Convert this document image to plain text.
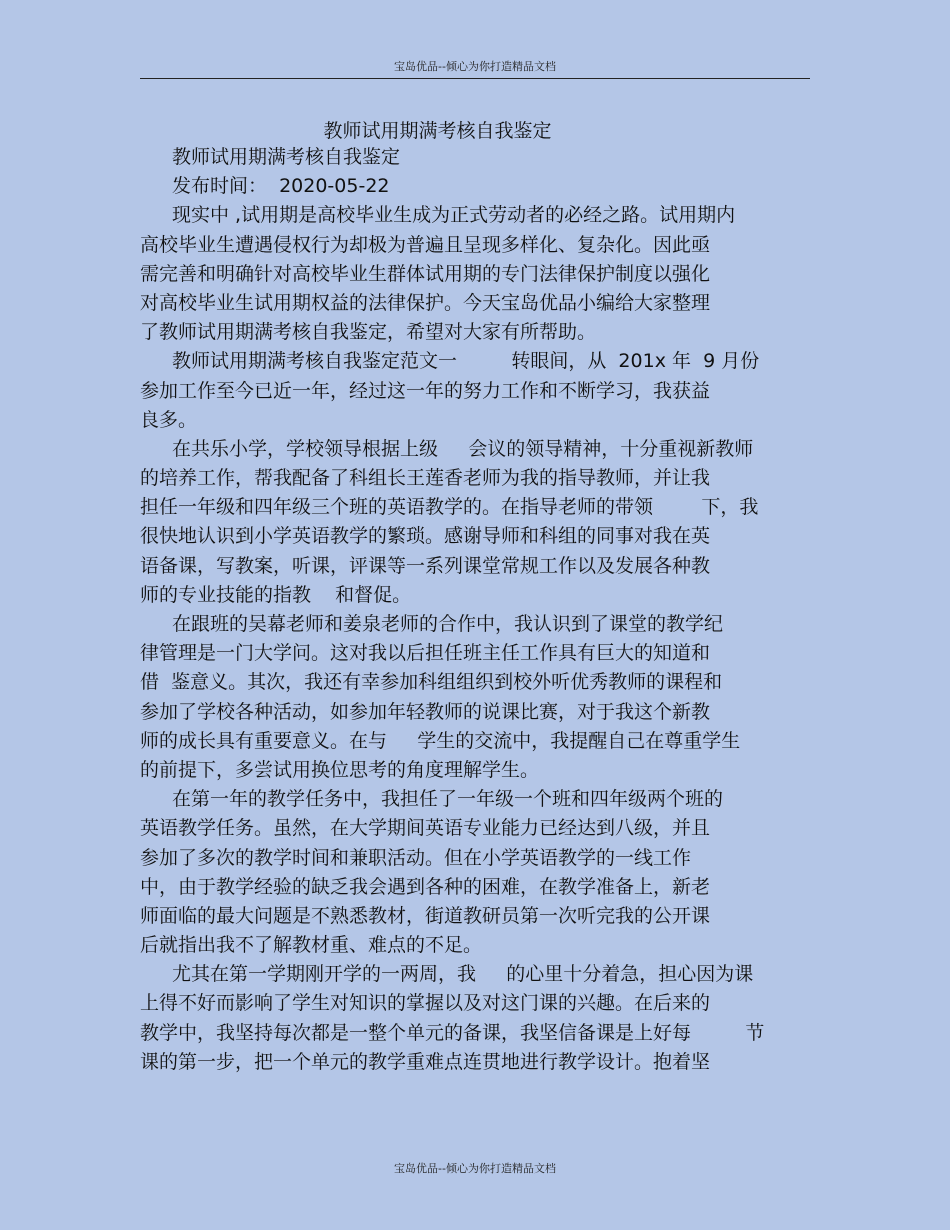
宝岛优品--倾心为你打造精品文档
教师试用期满考核自我鉴定
教师试用期满考核自我鉴定
发布时间：  2020-05-22
现实中 ,试用期是高校毕业生成为正式劳动者的必经之路。试用期内
高校毕业生遭遇侵权行为却极为普遍且呈现多样化、复杂化。因此亟
需完善和明确针对高校毕业生群体试用期的专门法律保护制度以强化
对高校毕业生试用期权益的法律保护。今天宝岛优品小编给大家整理
了教师试用期满考核自我鉴定，希望对大家有所帮助。
教师试用期满考核自我鉴定范文一         转眼间，从  201x 年  9 月份
参加工作至今已近一年，经过这一年的努力工作和不断学习，我获益
良多。
在共乐小学，学校领导根据上级     会议的领导精神，十分重视新教师
的培养工作，帮我配备了科组长王莲香老师为我的指导教师，并让我
担任一年级和四年级三个班的英语教学的。在指导老师的带领        下，我
很快地认识到小学英语教学的繁琐。感谢导师和科组的同事对我在英
语备课，写教案，听课，评课等一系列课堂常规工作以及发展各种教
师的专业技能的指教    和督促。
在跟班的吴幕老师和姜泉老师的合作中，我认识到了课堂的教学纪
律管理是一门大学问。这对我以后担任班主任工作具有巨大的知道和
借  鉴意义。其次，我还有幸参加科组组织到校外听优秀教师的课程和
参加了学校各种活动，如参加年轻教师的说课比赛，对于我这个新教
师的成长具有重要意义。在与     学生的交流中，我提醒自己在尊重学生
的前提下，多尝试用换位思考的角度理解学生。
在第一年的教学任务中，我担任了一年级一个班和四年级两个班的
英语教学任务。虽然，在大学期间英语专业能力已经达到八级，并且
参加了多次的教学时间和兼职活动。但在小学英语教学的一线工作
中，由于教学经验的缺乏我会遇到各种的困难，在教学准备上，新老
师面临的最大问题是不熟悉教材，街道教研员第一次听完我的公开课
后就指出我不了解教材重、难点的不足。
尤其在第一学期刚开学的一两周，我     的心里十分着急，担心因为课
上得不好而影响了学生对知识的掌握以及对这门课的兴趣。在后来的
教学中，我坚持每次都是一整个单元的备课，我坚信备课是上好每         节
课的第一步，把一个单元的教学重难点连贯地进行教学设计。抱着坚
宝岛优品--倾心为你打造精品文档
